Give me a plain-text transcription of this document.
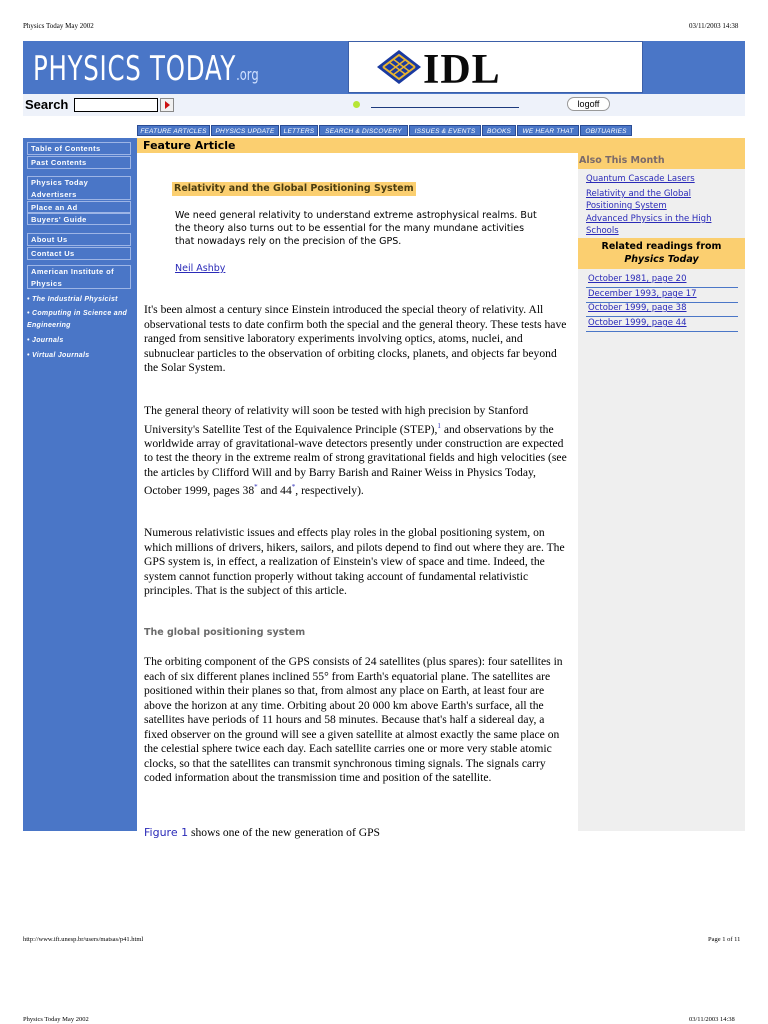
Physics Today May 2002	03/11/2003 14:38
PHYSICS TODAY.org	IDL
Search	logoff
FEATURE ARTICLES	PHYSICS UPDATE	LETTERS	SEARCH & DISCOVERY	ISSUES & EVENTS	BOOKS	WE HEAR THAT	OBITUARIES
Table of Contents
Past Contents
Physics Today Advertisers
Place an Ad
Buyers' Guide
About Us
Contact Us
American Institute of Physics
• The Industrial Physicist
• Computing in Science and Engineering
• Journals
• Virtual Journals
Feature Article
Also This Month
Quantum Cascade Lasers
Relativity and the Global Positioning System
Advanced Physics in the High Schools
Related readings from
Physics Today
October 1981, page 20
December 1993, page 17
October 1999, page 38
October 1999, page 44
Relativity and the Global Positioning System
We need general relativity to understand extreme astrophysical realms. But the theory also turns out to be essential for the many mundane activities that nowadays rely on the precision of the GPS.
Neil Ashby
It's been almost a century since Einstein introduced the special theory of relativity. All observational tests to date confirm both the special and the general theory. These tests have ranged from sensitive laboratory experiments involving optics, atoms, nuclei, and subnuclear particles to the observation of orbiting clocks, planets, and objects far beyond the Solar System.
The general theory of relativity will soon be tested with high precision by Stanford University's Satellite Test of the Equivalence Principle (STEP),$^1$ and observations by the worldwide array of gravitational-wave detectors presently under construction are expected to test the theory in the extreme realm of strong gravitational fields and high velocities (see the articles by Clifford Will and by Barry Barish and Rainer Weiss in Physics Today, October 1999, pages 38* and 44*, respectively).
Numerous relativistic issues and effects play roles in the global positioning system, on which millions of drivers, hikers, sailors, and pilots depend to find out where they are. The GPS system is, in effect, a realization of Einstein's view of space and time. Indeed, the system cannot function properly without taking account of fundamental relativistic principles. That is the subject of this article.
The global positioning system
The orbiting component of the GPS consists of 24 satellites (plus spares): four satellites in each of six different planes inclined 55° from Earth's equatorial plane. The satellites are positioned within their planes so that, from almost any place on Earth, at least four are above the horizon at any time. Orbiting about 20 000 km above Earth's surface, all the satellites have periods of 11 hours and 58 minutes. Because that's half a sidereal day, a fixed observer on the ground will see a given satellite at almost exactly the same place on the celestial sphere twice each day. Each satellite carries one or more very stable atomic clocks, so that the satellites can transmit synchronous timing signals. The signals carry coded information about the transmission time and position of the satellite.
Figure 1 shows one of the new generation of GPS
http://www.ift.unesp.br/users/matsas/p41.html	Page 1 of 11
Physics Today May 2002	03/11/2003 14:38
